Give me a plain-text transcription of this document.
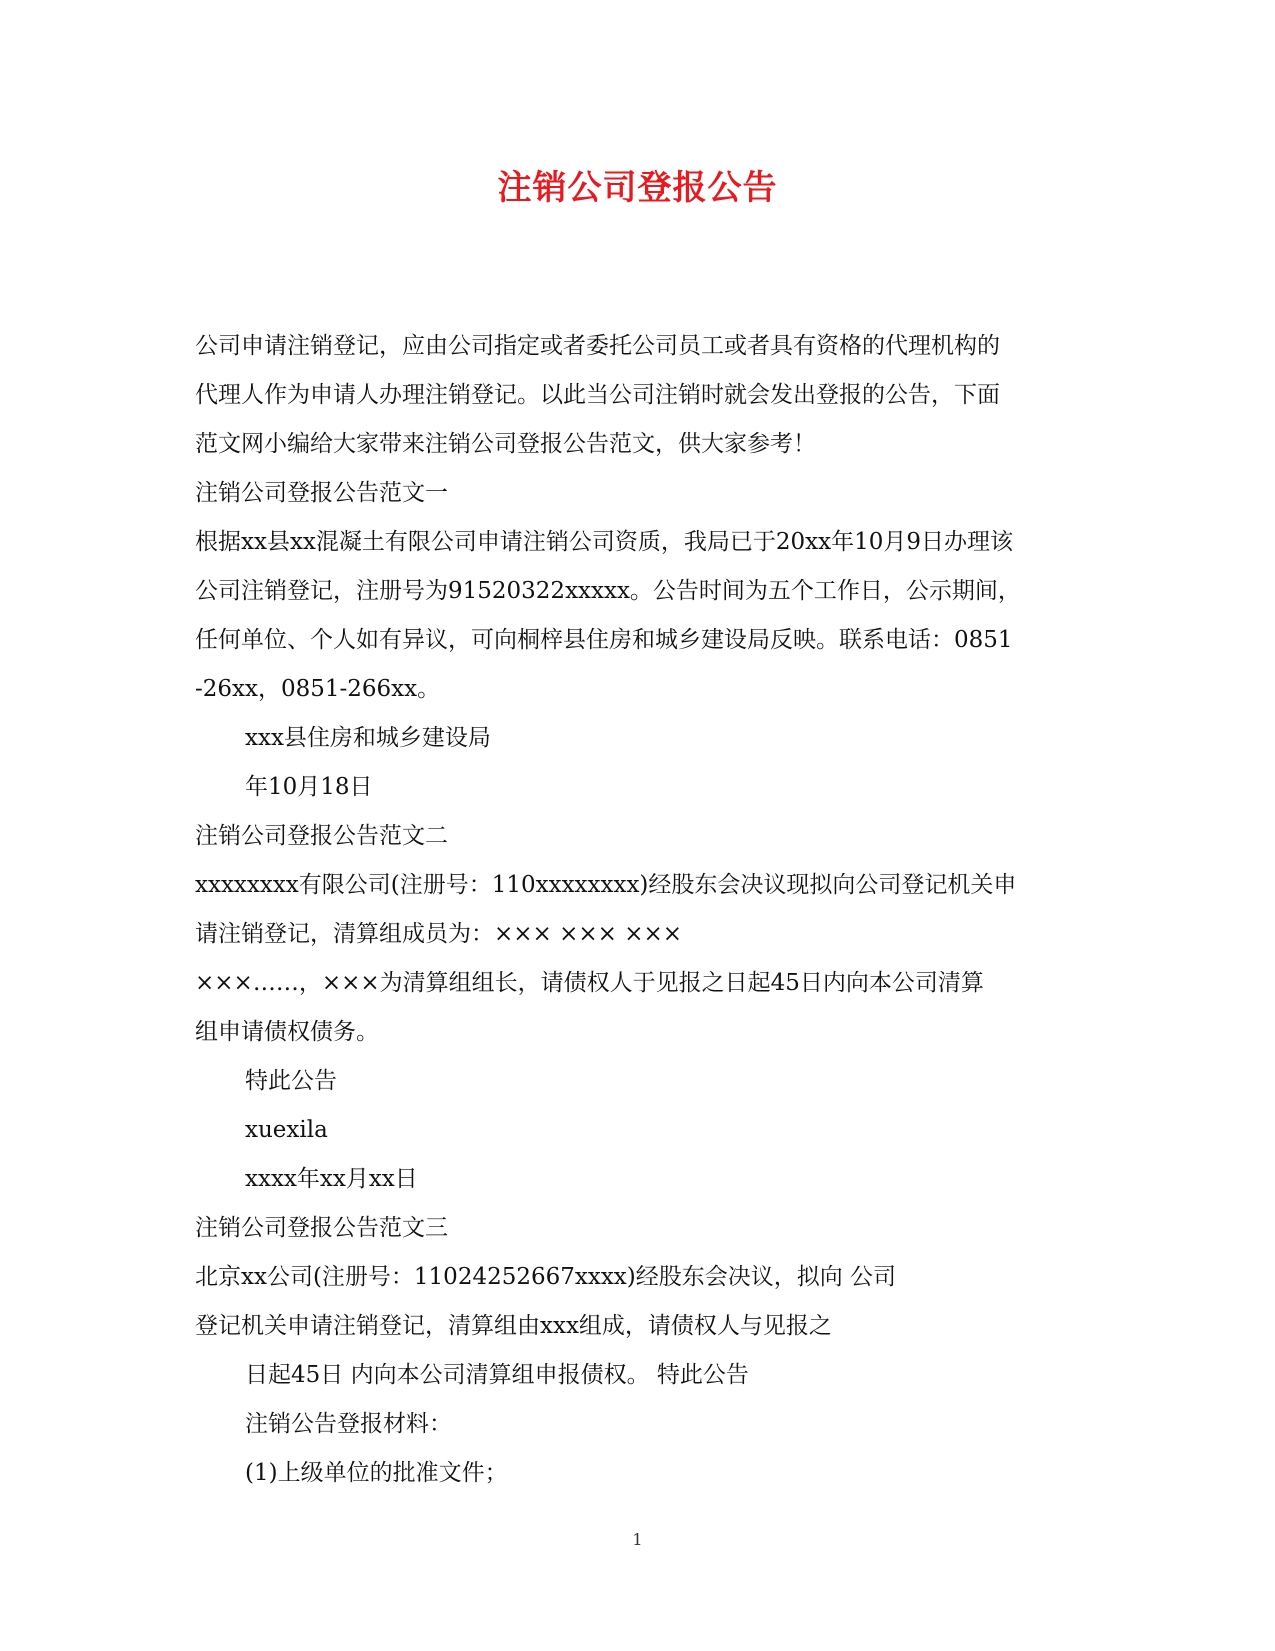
注销公司登报公告
公司申请注销登记，应由公司指定或者委托公司员工或者具有资格的代理机构的
代理人作为申请人办理注销登记。以此当公司注销时就会发出登报的公告，下面
范文网小编给大家带来注销公司登报公告范文，供大家参考！
注销公司登报公告范文一
根据xx县xx混凝土有限公司申请注销公司资质，我局已于20xx年10月9日办理该
公司注销登记，注册号为91520322xxxxx。公告时间为五个工作日，公示期间，
任何单位、个人如有异议，可向桐梓县住房和城乡建设局反映。联系电话：0851
-26xx，0851-266xx。
xxx县住房和城乡建设局
年10月18日
注销公司登报公告范文二
xxxxxxxx有限公司(注册号：110xxxxxxxx)经股东会决议现拟向公司登记机关申
请注销登记，清算组成员为：××× ××× ×××
×××……，×××为清算组组长，请债权人于见报之日起45日内向本公司清算
组申请债权债务。
特此公告
xuexila
xxxx年xx月xx日
注销公司登报公告范文三
北京xx公司(注册号：11024252667xxxx)经股东会决议，拟向 公司
登记机关申请注销登记，清算组由xxx组成，请债权人与见报之
日起45日 内向本公司清算组申报债权。 特此公告
注销公告登报材料：
(1)上级单位的批准文件；
1
